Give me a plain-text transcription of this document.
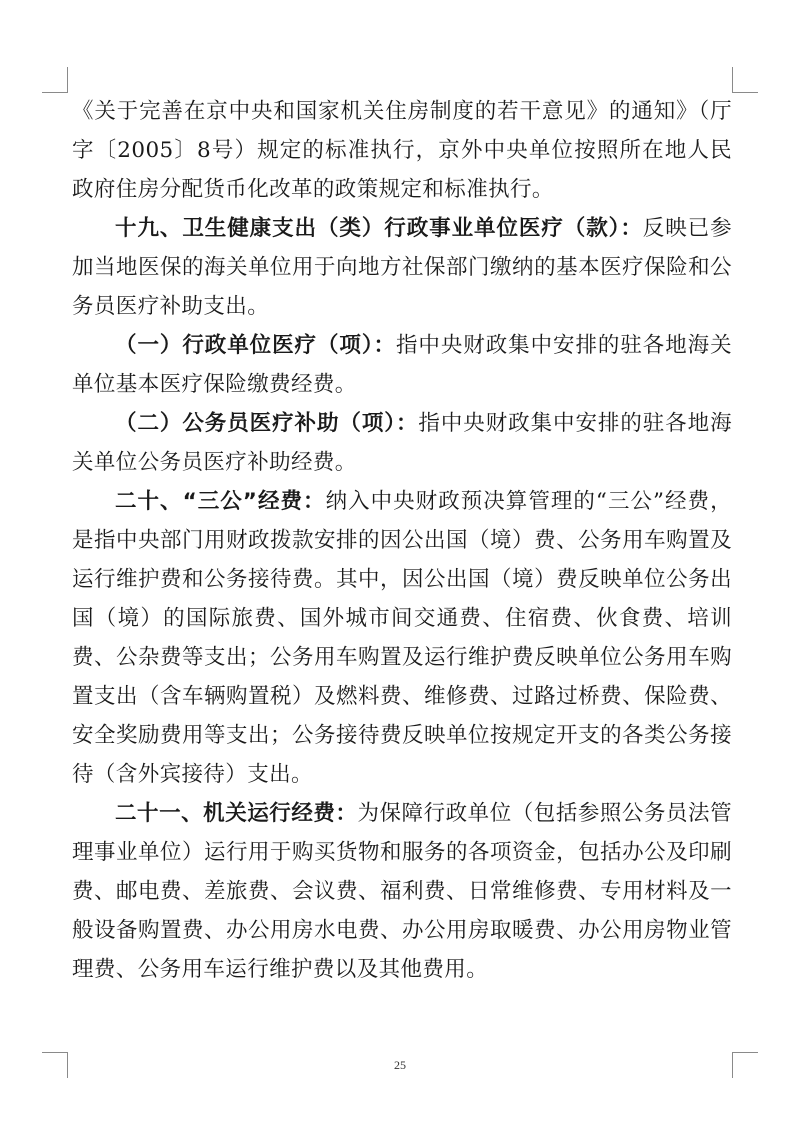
《关于完善在京中央和国家机关住房制度的若干意见》的通知》（厅字〔2005〕8号）规定的标准执行，京外中央单位按照所在地人民政府住房分配货币化改革的政策规定和标准执行。

十九、卫生健康支出（类）行政事业单位医疗（款）：反映已参加当地医保的海关单位用于向地方社保部门缴纳的基本医疗保险和公务员医疗补助支出。

（一）行政单位医疗（项）：指中央财政集中安排的驻各地海关单位基本医疗保险缴费经费。

（二）公务员医疗补助（项）：指中央财政集中安排的驻各地海关单位公务员医疗补助经费。

二十、“三公”经费：纳入中央财政预决算管理的“三公”经费，是指中央部门用财政拨款安排的因公出国（境）费、公务用车购置及运行维护费和公务接待费。其中，因公出国（境）费反映单位公务出国（境）的国际旅费、国外城市间交通费、住宿费、伙食费、培训费、公杂费等支出；公务用车购置及运行维护费反映单位公务用车购置支出（含车辆购置税）及燃料费、维修费、过路过桥费、保险费、安全奖励费用等支出；公务接待费反映单位按规定开支的各类公务接待（含外宾接待）支出。

二十一、机关运行经费：为保障行政单位（包括参照公务员法管理事业单位）运行用于购买货物和服务的各项资金，包括办公及印刷费、邮电费、差旅费、会议费、福利费、日常维修费、专用材料及一般设备购置费、办公用房水电费、办公用房取暖费、办公用房物业管理费、公务用车运行维护费以及其他费用。

25
